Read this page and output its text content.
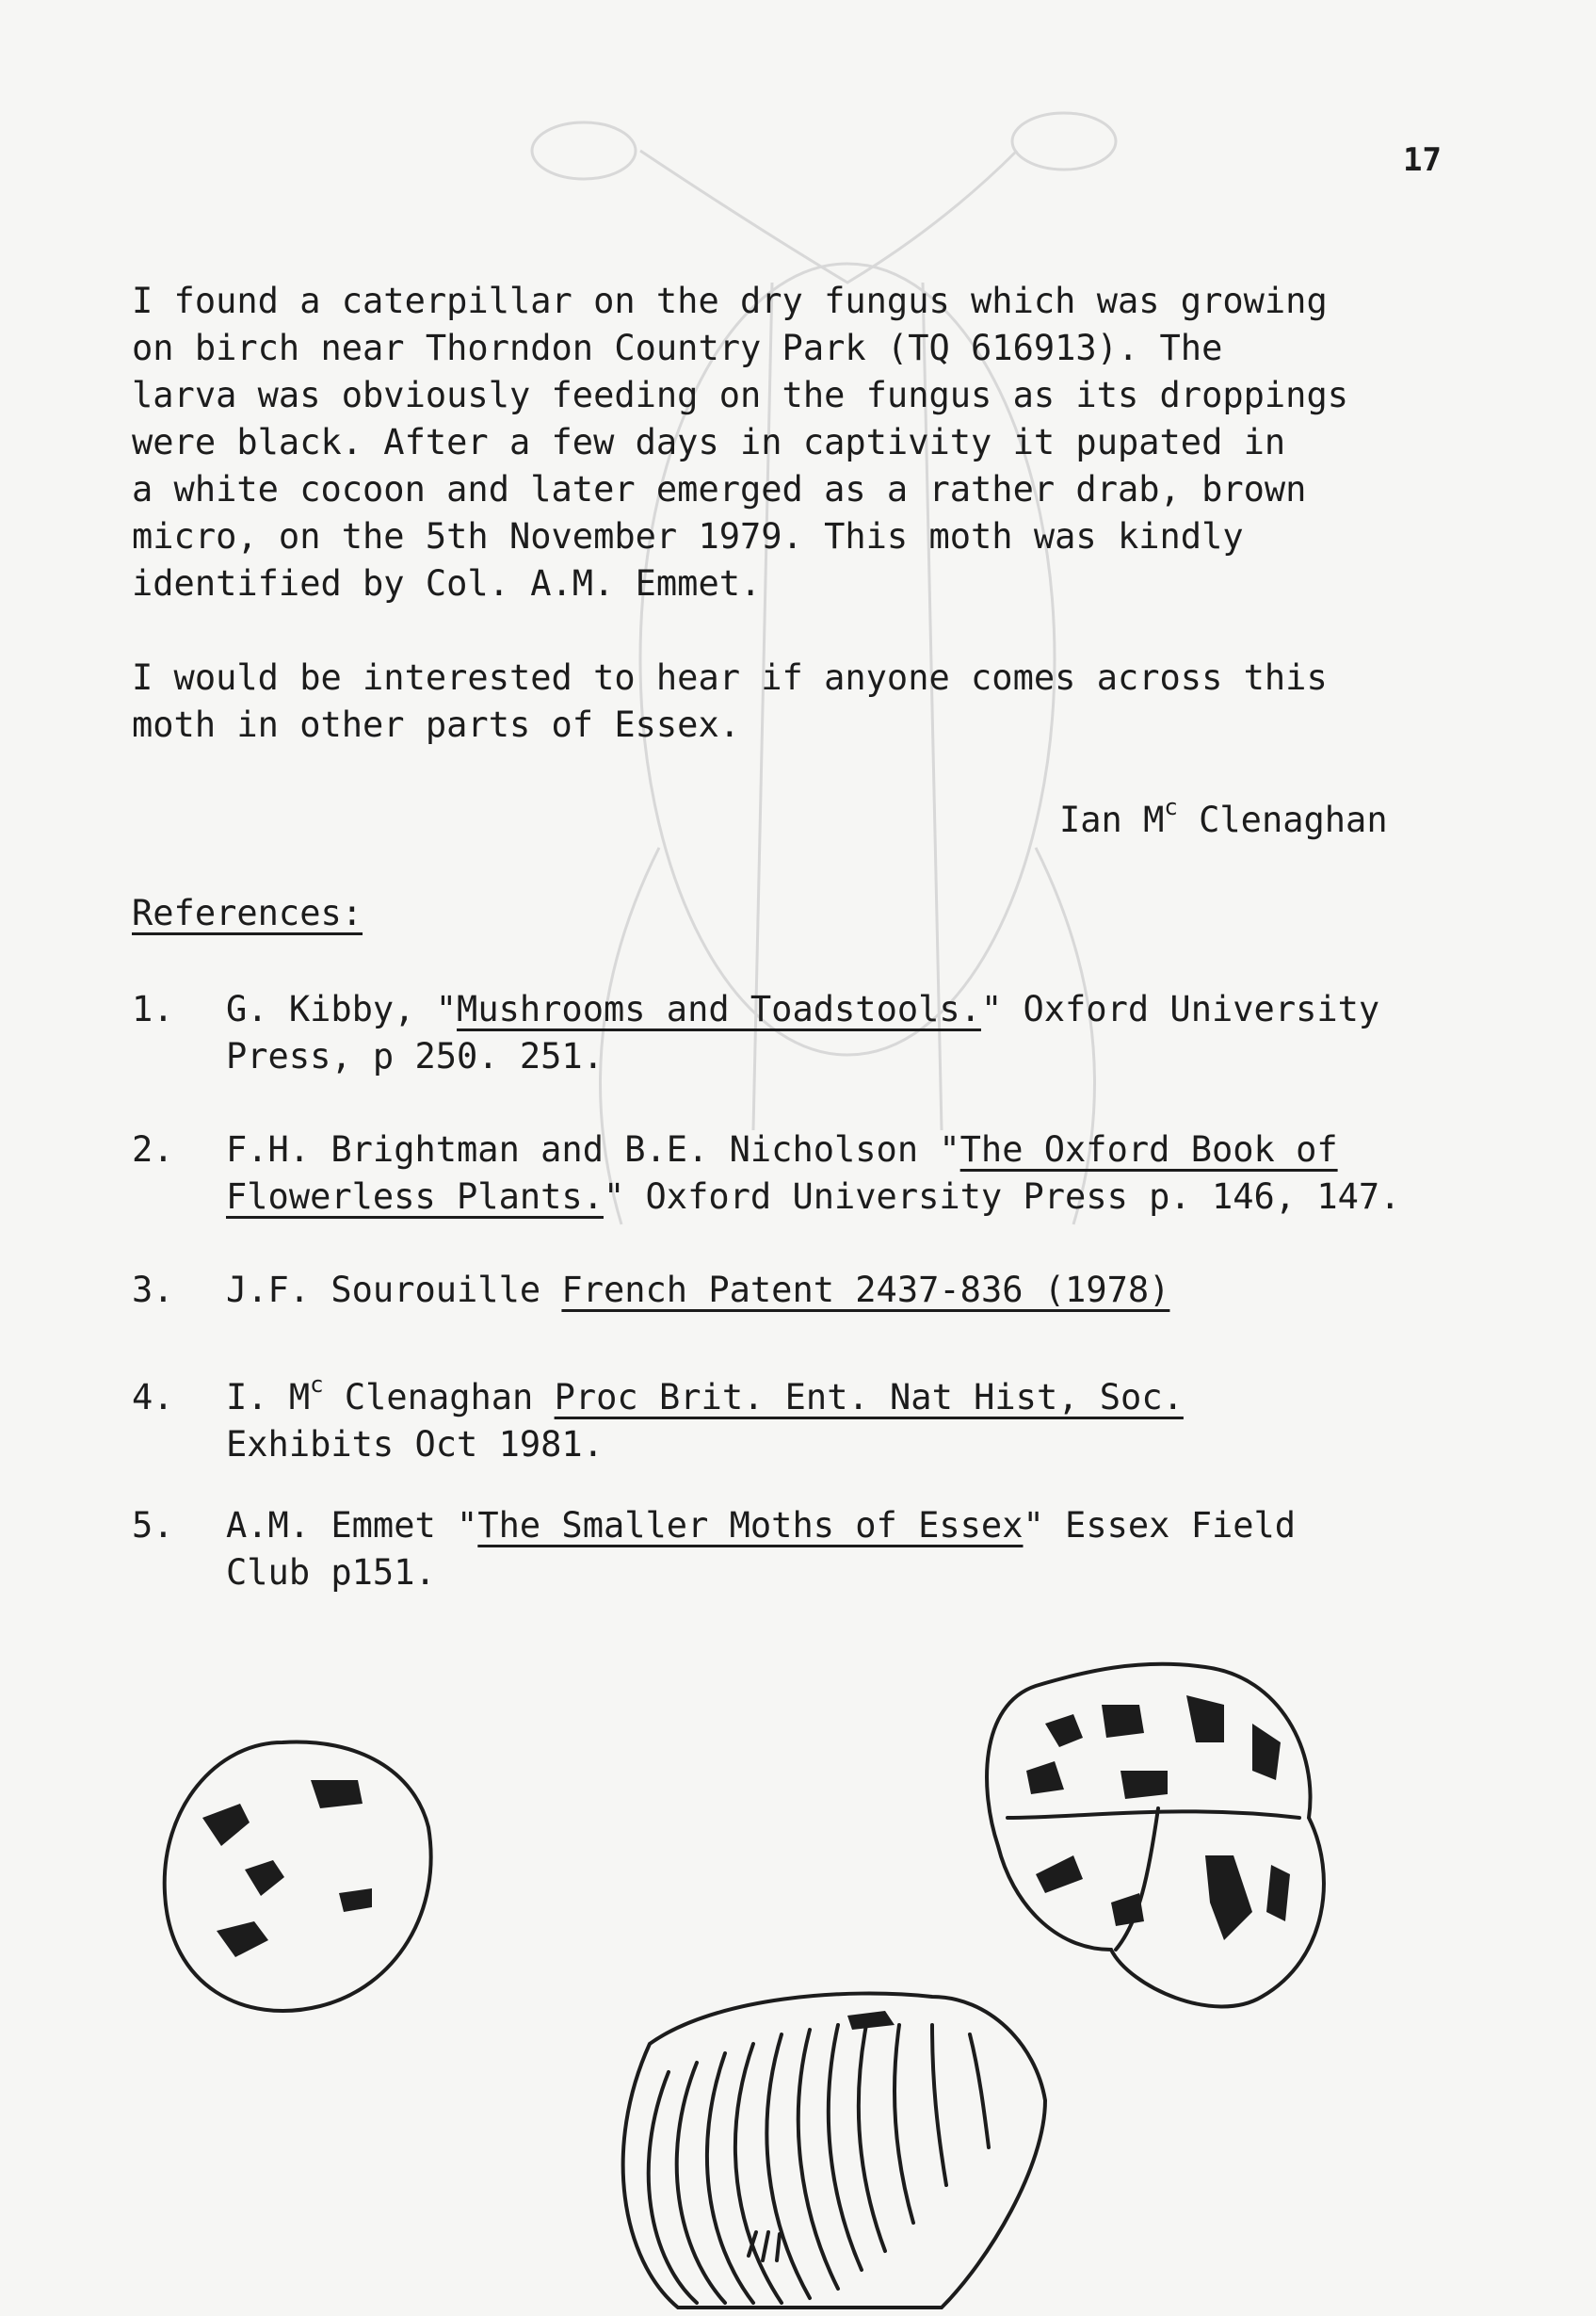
17
I found a caterpillar on the dry fungus which was growing
on birch near Thorndon Country Park (TQ 616913). The
larva was obviously feeding on the fungus as its droppings
were black. After a few days in captivity it pupated in
a white cocoon and later emerged as a rather drab, brown
micro, on the 5th November 1979. This moth was kindly
identified by Col. A.M. Emmet.
I would be interested to hear if anyone comes across this
moth in other parts of Essex.
Ian $M^c$ Clenaghan
References:
1. G. Kibby, "Mushrooms and Toadstools." Oxford University
Press, p 250. 251.
2. F.H. Brightman and B.E. Nicholson "The Oxford Book of
Flowerless Plants." Oxford University Press p. 146, 147.
3. J.F. Sourouille French Patent 2437-836 (1978)
4. I. $M^c$ Clenaghan Proc Brit. Ent. Nat Hist, Soc.
Exhibits Oct 1981.
5. A.M. Emmet "The Smaller Moths of Essex" Essex Field
Club p151.
